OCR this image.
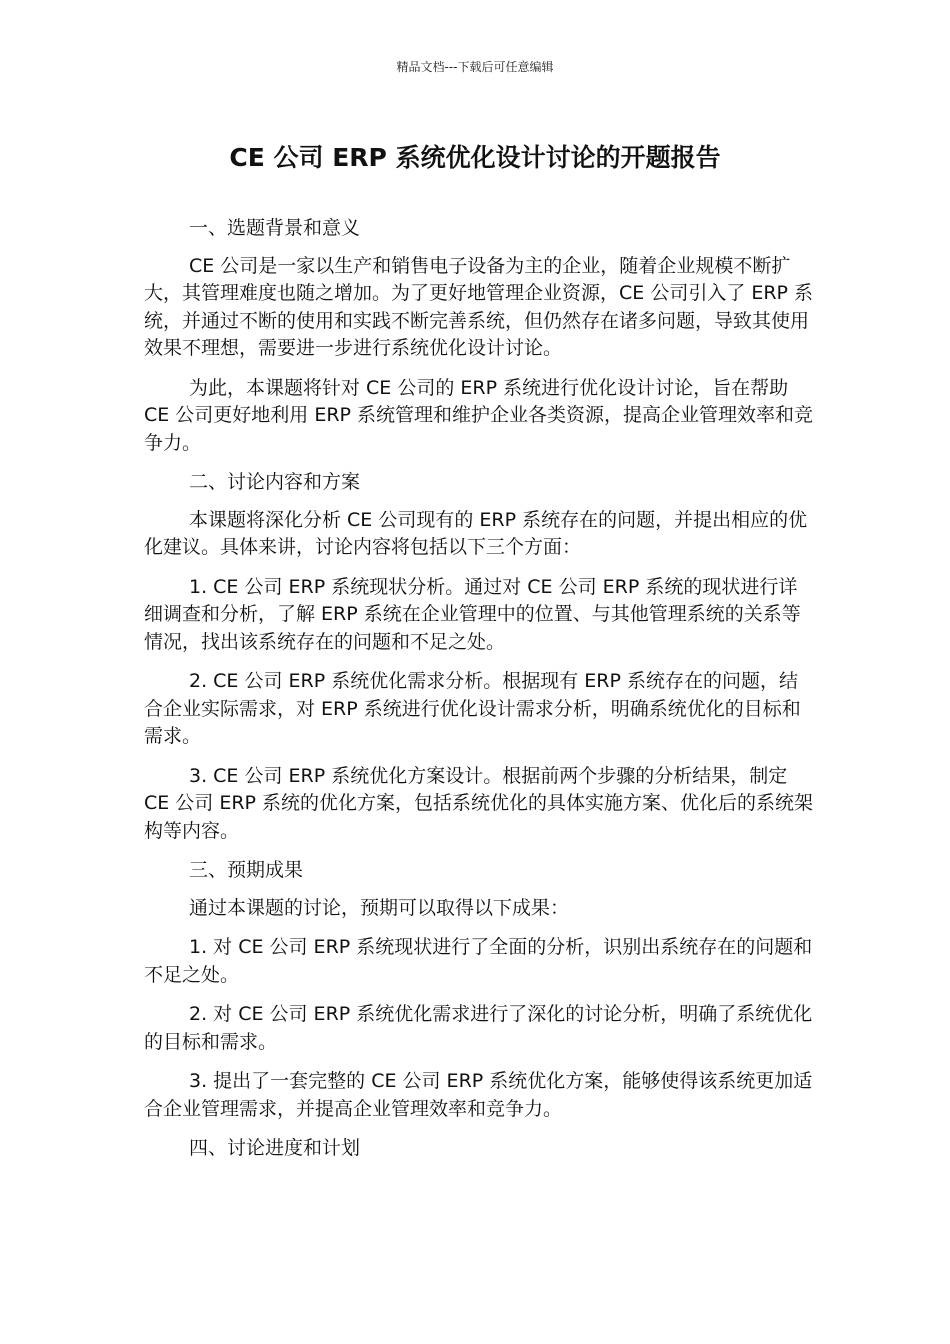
精品文档---下载后可任意编辑
CE 公司 ERP 系统优化设计讨论的开题报告

一、选题背景和意义

CE 公司是一家以生产和销售电子设备为主的企业，随着企业规模不断扩大，其管理难度也随之增加。为了更好地管理企业资源，CE 公司引入了 ERP 系统，并通过不断的使用和实践不断完善系统，但仍然存在诸多问题，导致其使用效果不理想，需要进一步进行系统优化设计讨论。

为此，本课题将针对 CE 公司的 ERP 系统进行优化设计讨论，旨在帮助 CE 公司更好地利用 ERP 系统管理和维护企业各类资源，提高企业管理效率和竞争力。

二、讨论内容和方案

本课题将深化分析 CE 公司现有的 ERP 系统存在的问题，并提出相应的优化建议。具体来讲，讨论内容将包括以下三个方面：

1. CE 公司 ERP 系统现状分析。通过对 CE 公司 ERP 系统的现状进行详细调查和分析，了解 ERP 系统在企业管理中的位置、与其他管理系统的关系等情况，找出该系统存在的问题和不足之处。

2. CE 公司 ERP 系统优化需求分析。根据现有 ERP 系统存在的问题，结合企业实际需求，对 ERP 系统进行优化设计需求分析，明确系统优化的目标和需求。

3. CE 公司 ERP 系统优化方案设计。根据前两个步骤的分析结果，制定 CE 公司 ERP 系统的优化方案，包括系统优化的具体实施方案、优化后的系统架构等内容。

三、预期成果

通过本课题的讨论，预期可以取得以下成果：

1. 对 CE 公司 ERP 系统现状进行了全面的分析，识别出系统存在的问题和不足之处。

2. 对 CE 公司 ERP 系统优化需求进行了深化的讨论分析，明确了系统优化的目标和需求。

3. 提出了一套完整的 CE 公司 ERP 系统优化方案，能够使得该系统更加适合企业管理需求，并提高企业管理效率和竞争力。

四、讨论进度和计划
